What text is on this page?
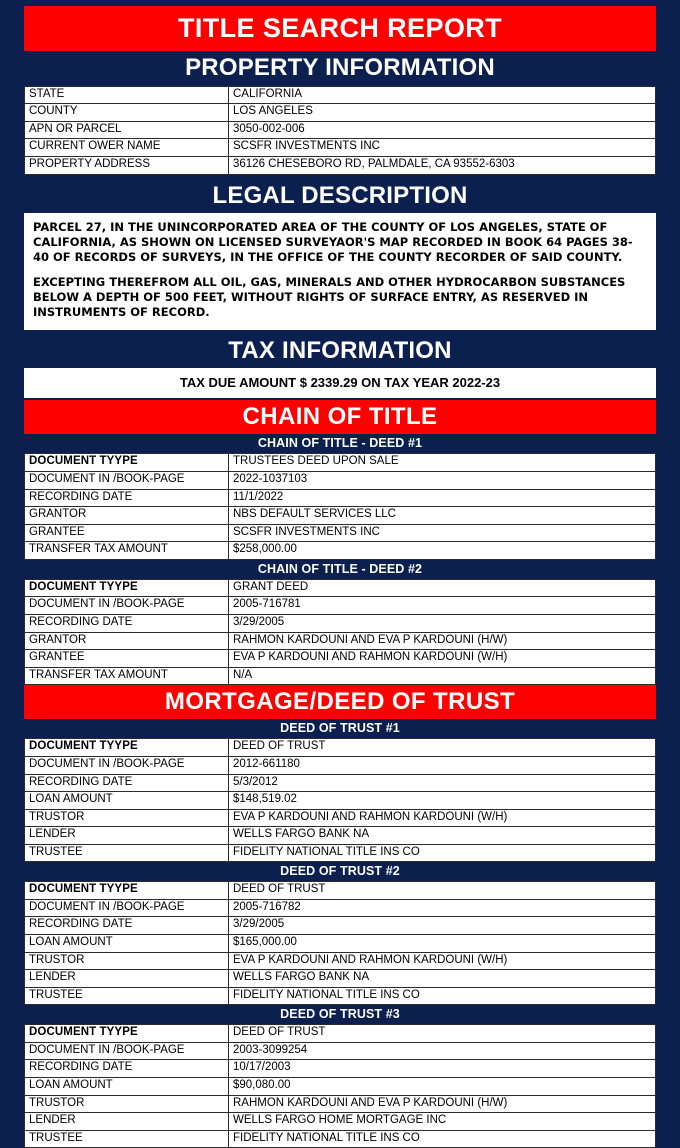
TITLE SEARCH REPORT
PROPERTY INFORMATION
STATE	CALIFORNIA
COUNTY	LOS ANGELES
APN OR PARCEL	3050-002-006
CURRENT OWER NAME	SCSFR INVESTMENTS INC
PROPERTY ADDRESS	36126 CHESEBORO RD, PALMDALE, CA 93552-6303
LEGAL DESCRIPTION

PARCEL 27, IN THE UNINCORPORATED AREA OF THE COUNTY OF LOS ANGELES, STATE OF CALIFORNIA, AS SHOWN ON LICENSED SURVEYAOR'S MAP RECORDED IN BOOK 64 PAGES 38-40 OF RECORDS OF SURVEYS, IN THE OFFICE OF THE COUNTY RECORDER OF SAID COUNTY.

EXCEPTING THEREFROM ALL OIL, GAS, MINERALS AND OTHER HYDROCARBON SUBSTANCES BELOW A DEPTH OF 500 FEET, WITHOUT RIGHTS OF SURFACE ENTRY, AS RESERVED IN INSTRUMENTS OF RECORD.

TAX INFORMATION
TAX DUE AMOUNT $ 2339.29 ON TAX YEAR 2022-23
CHAIN OF TITLE
CHAIN OF TITLE - DEED #1
DOCUMENT TYYPE	TRUSTEES DEED UPON SALE
DOCUMENT IN /BOOK-PAGE	2022-1037103
RECORDING DATE	11/1/2022
GRANTOR	NBS DEFAULT SERVICES LLC
GRANTEE	SCSFR INVESTMENTS INC
TRANSFER TAX AMOUNT	$258,000.00
CHAIN OF TITLE - DEED #2
DOCUMENT TYYPE	GRANT DEED
DOCUMENT IN /BOOK-PAGE	2005-716781
RECORDING DATE	3/29/2005
GRANTOR	RAHMON KARDOUNI AND EVA P KARDOUNI (H/W)
GRANTEE	EVA P KARDOUNI AND RAHMON KARDOUNI (W/H)
TRANSFER TAX AMOUNT	N/A
MORTGAGE/DEED OF TRUST
DEED OF TRUST #1
DOCUMENT TYYPE	DEED OF TRUST
DOCUMENT IN /BOOK-PAGE	2012-661180
RECORDING DATE	5/3/2012
LOAN AMOUNT	$148,519.02
TRUSTOR	EVA P KARDOUNI AND RAHMON KARDOUNI (W/H)
LENDER	WELLS FARGO BANK NA
TRUSTEE	FIDELITY NATIONAL TITLE INS CO
DEED OF TRUST #2
DOCUMENT TYYPE	DEED OF TRUST
DOCUMENT IN /BOOK-PAGE	2005-716782
RECORDING DATE	3/29/2005
LOAN AMOUNT	$165,000.00
TRUSTOR	EVA P KARDOUNI AND RAHMON KARDOUNI (W/H)
LENDER	WELLS FARGO BANK NA
TRUSTEE	FIDELITY NATIONAL TITLE INS CO
DEED OF TRUST #3
DOCUMENT TYYPE	DEED OF TRUST
DOCUMENT IN /BOOK-PAGE	2003-3099254
RECORDING DATE	10/17/2003
LOAN AMOUNT	$90,080.00
TRUSTOR	RAHMON KARDOUNI AND EVA P KARDOUNI (H/W)
LENDER	WELLS FARGO HOME MORTGAGE INC
TRUSTEE	FIDELITY NATIONAL TITLE INS CO
